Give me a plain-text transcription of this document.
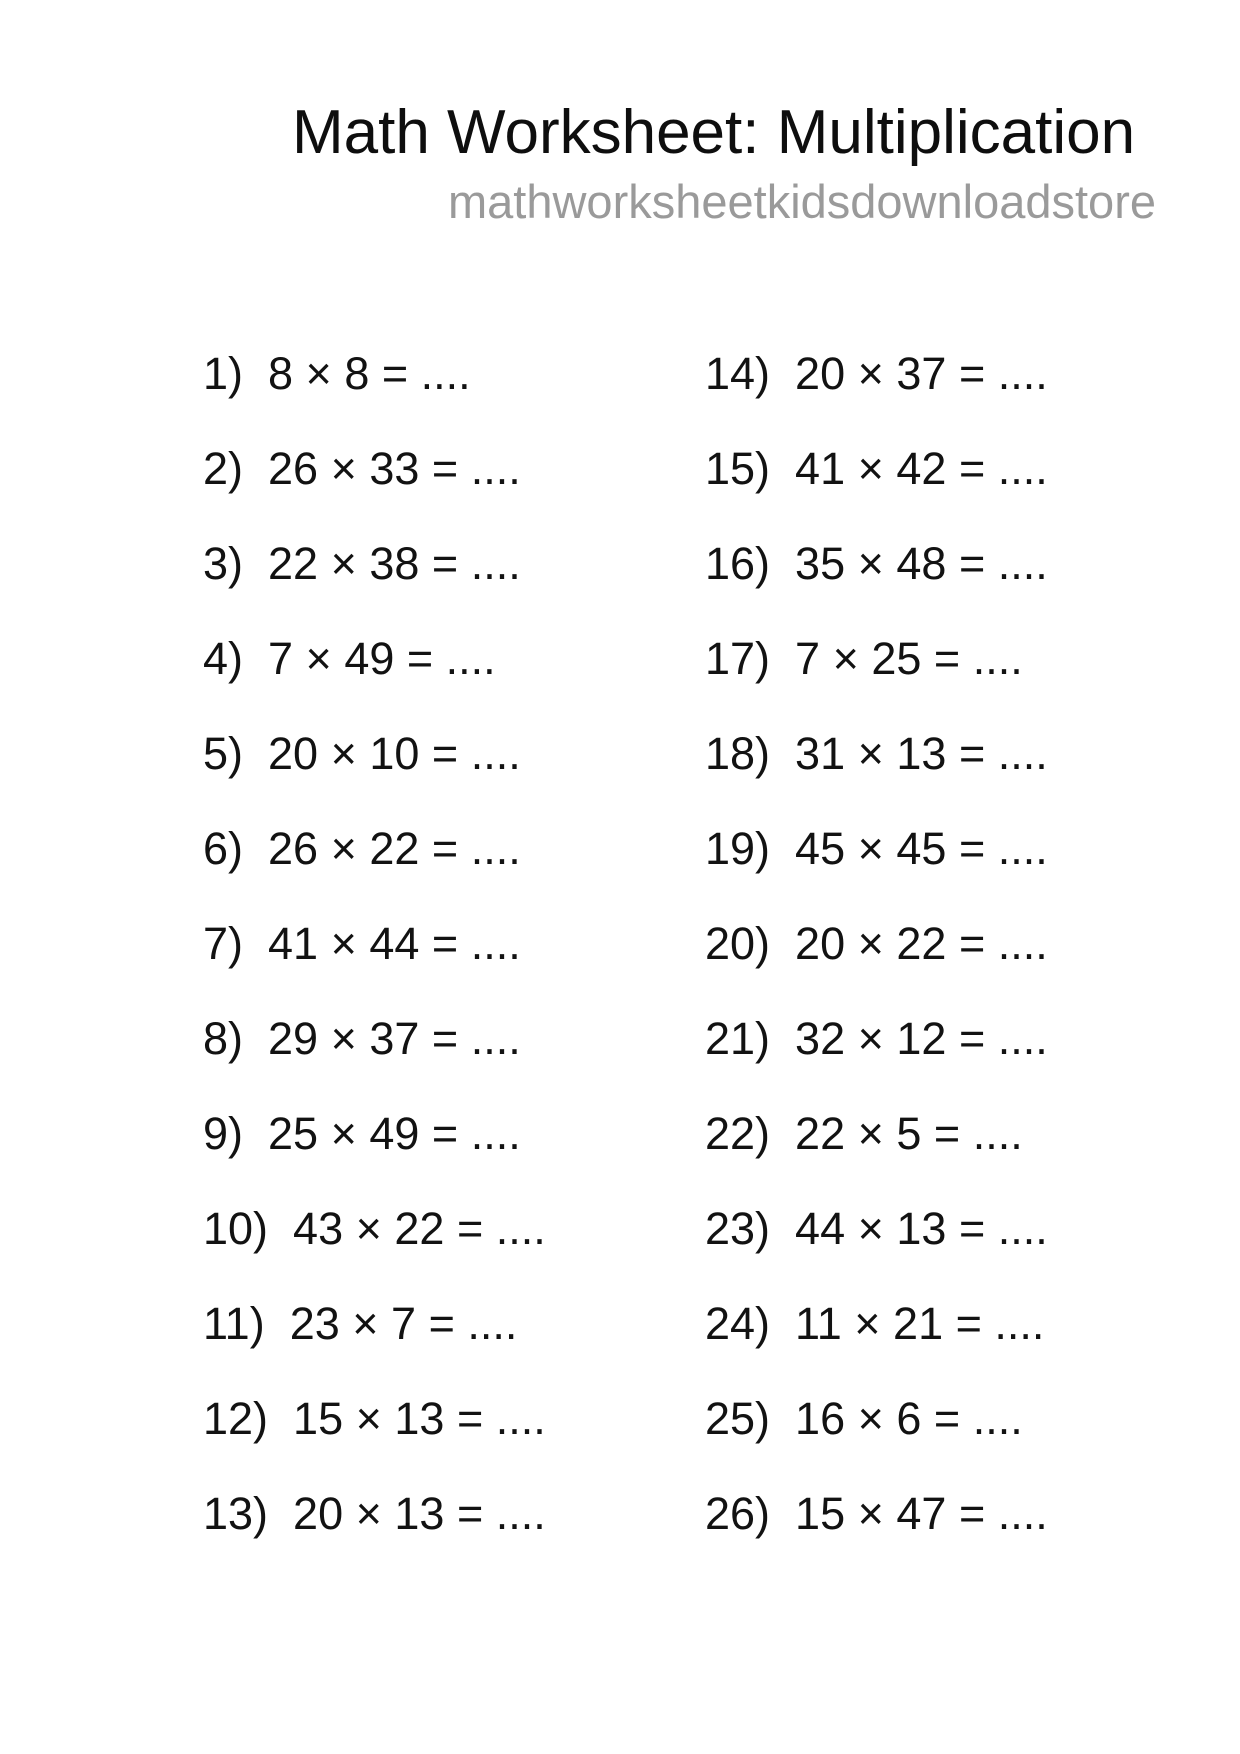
Math Worksheet: Multiplication
mathworksheetkidsdownloadstore
1)  8 × 8 = ....
2)  26 × 33 = ....
3)  22 × 38 = ....
4)  7 × 49 = ....
5)  20 × 10 = ....
6)  26 × 22 = ....
7)  41 × 44 = ....
8)  29 × 37 = ....
9)  25 × 49 = ....
10)  43 × 22 = ....
11)  23 × 7 = ....
12)  15 × 13 = ....
13)  20 × 13 = ....
14)  20 × 37 = ....
15)  41 × 42 = ....
16)  35 × 48 = ....
17)  7 × 25 = ....
18)  31 × 13 = ....
19)  45 × 45 = ....
20)  20 × 22 = ....
21)  32 × 12 = ....
22)  22 × 5 = ....
23)  44 × 13 = ....
24)  11 × 21 = ....
25)  16 × 6 = ....
26)  15 × 47 = ....
